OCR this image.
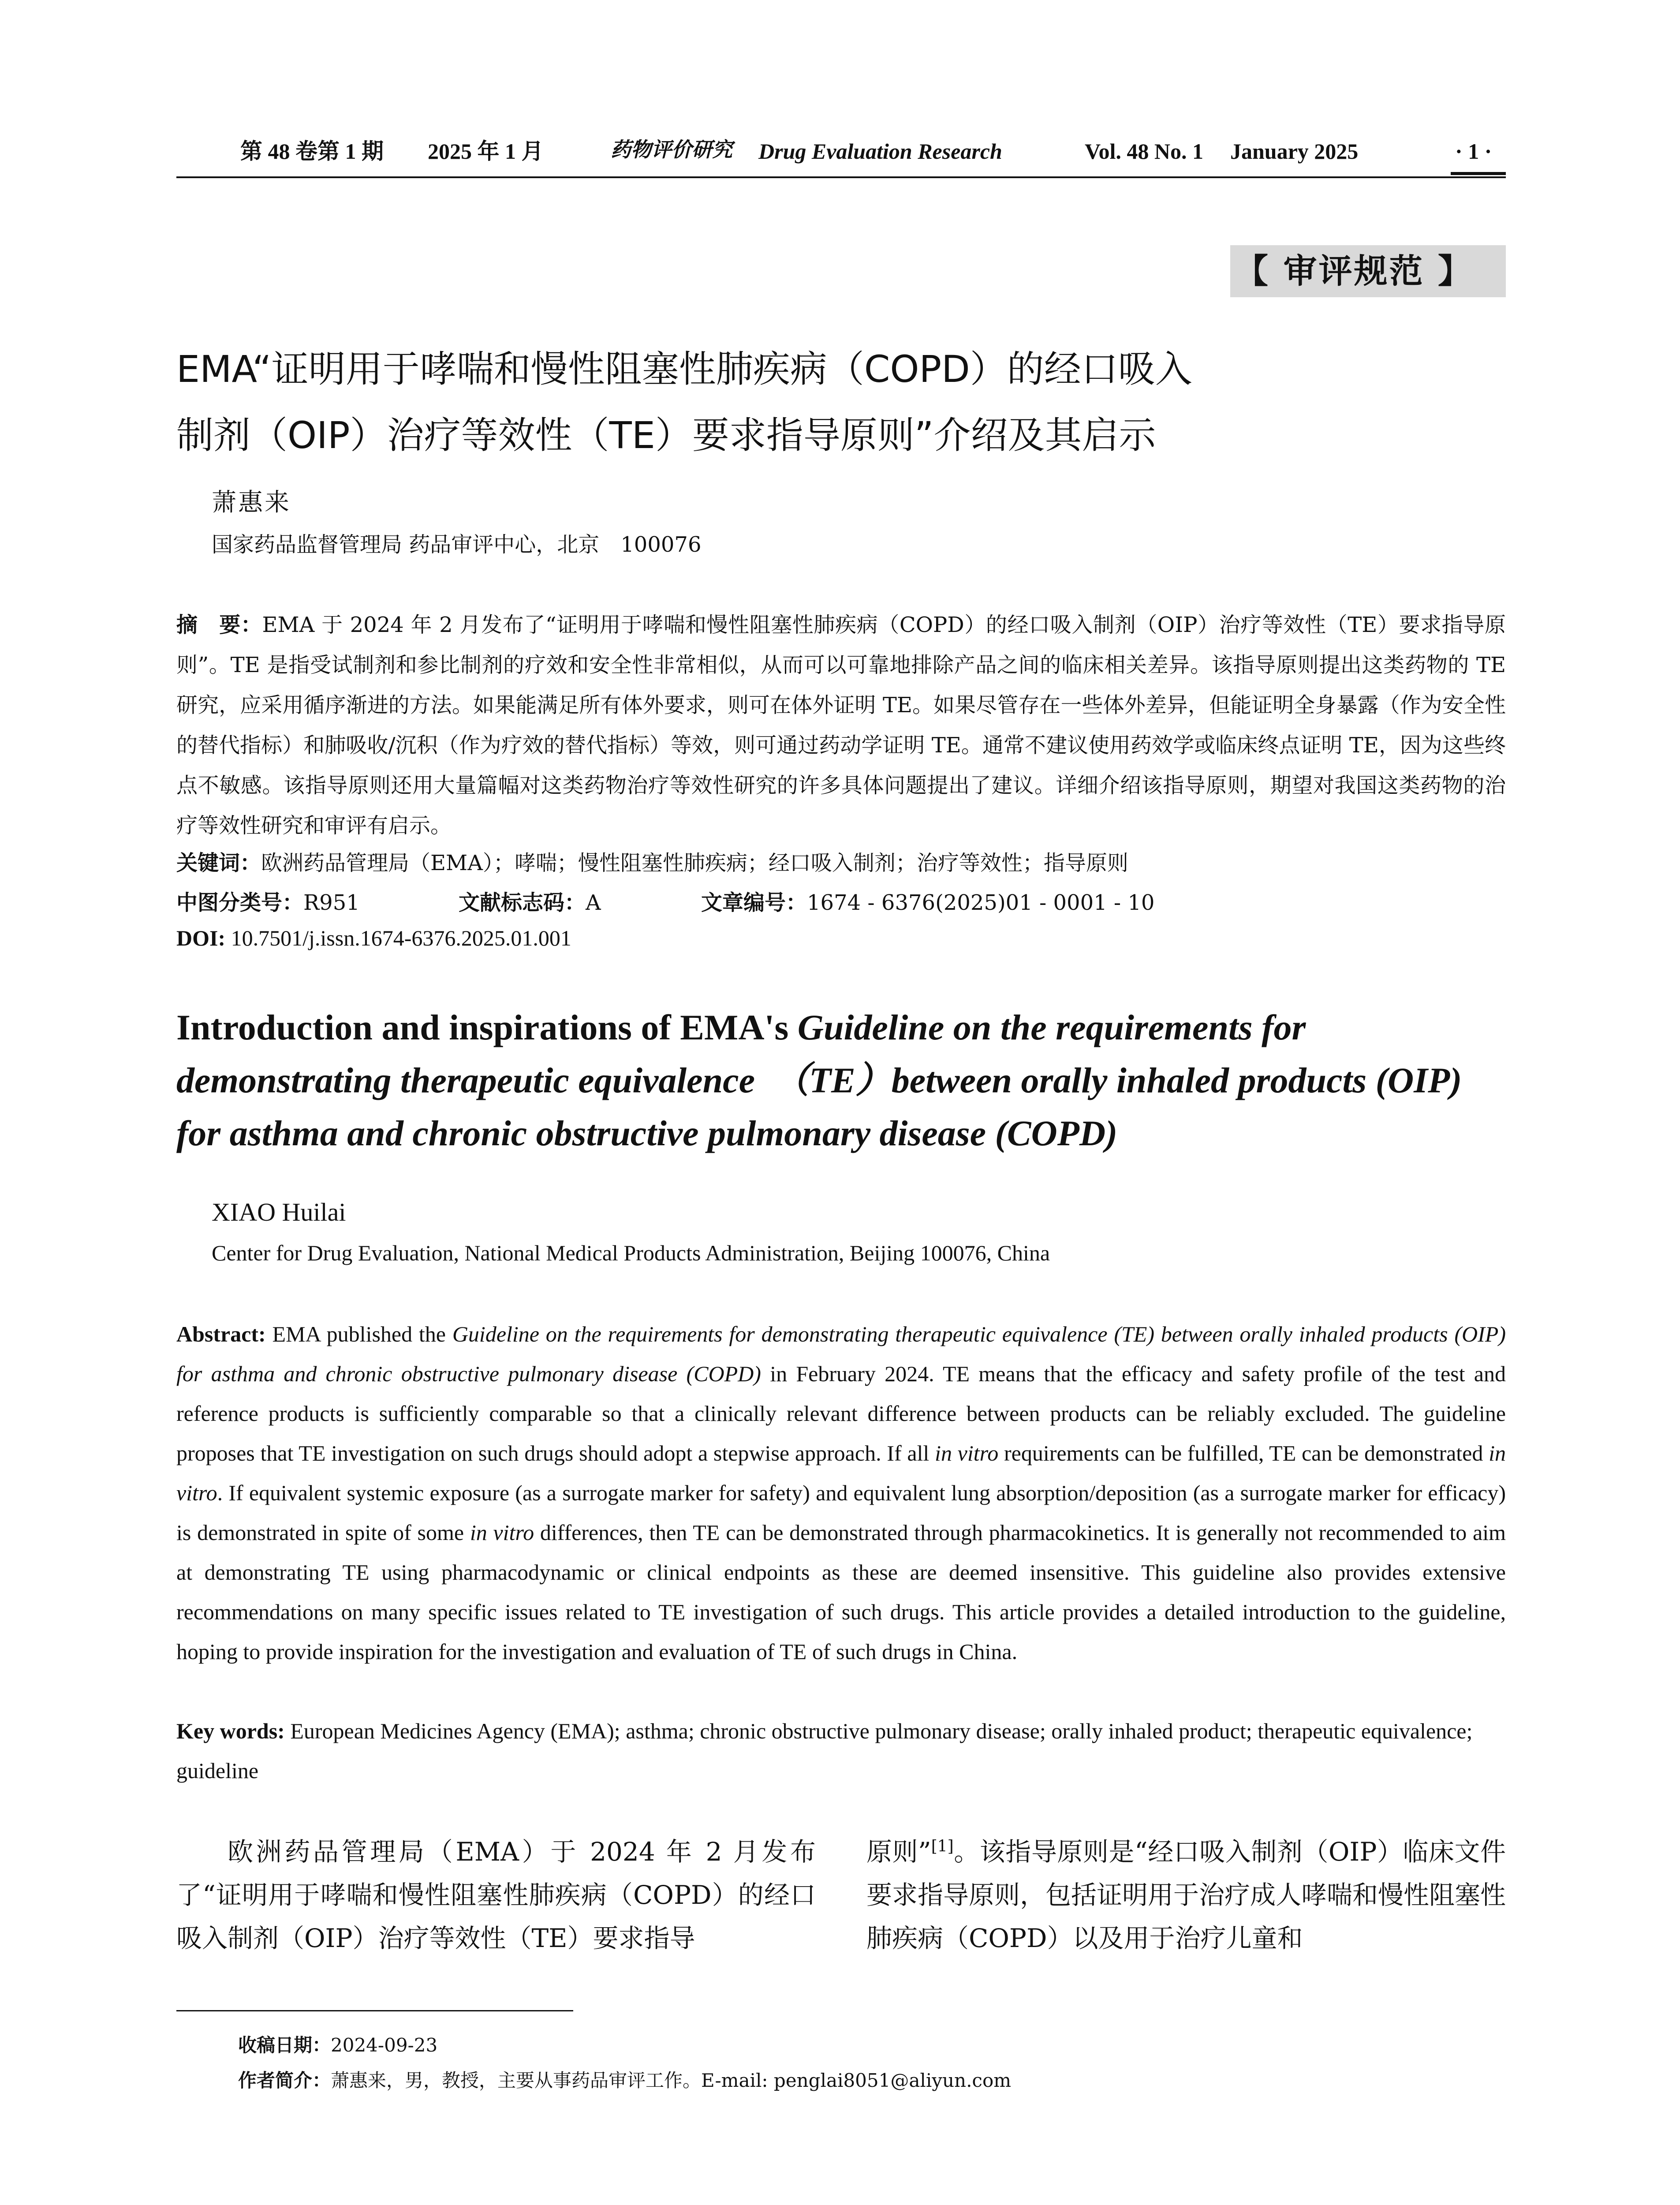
第 48 卷第 1 期 2025 年 1 月	药物评价研究 Drug Evaluation Research	Vol. 48 No. 1 January 2025	· 1 ·
【 审评规范 】
EMA“证明用于哮喘和慢性阻塞性肺疾病（COPD）的经口吸入
制剂（OIP）治疗等效性（TE）要求指导原则”介绍及其启示
萧惠来
国家药品监督管理局 药品审评中心，北京　100076
摘　要：EMA 于 2024 年 2 月发布了“证明用于哮喘和慢性阻塞性肺疾病（COPD）的经口吸入制剂（OIP）治疗等效性（TE）要求指导原则”。TE 是指受试制剂和参比制剂的疗效和安全性非常相似，从而可以可靠地排除产品之间的临床相关差异。该指导原则提出这类药物的 TE 研究，应采用循序渐进的方法。如果能满足所有体外要求，则可在体外证明 TE。如果尽管存在一些体外差异，但能证明全身暴露（作为安全性的替代指标）和肺吸收/沉积（作为疗效的替代指标）等效，则可通过药动学证明 TE。通常不建议使用药效学或临床终点证明 TE，因为这些终点不敏感。该指导原则还用大量篇幅对这类药物治疗等效性研究的许多具体问题提出了建议。详细介绍该指导原则，期望对我国这类药物的治疗等效性研究和审评有启示。
关键词：欧洲药品管理局（EMA）；哮喘；慢性阻塞性肺疾病；经口吸入制剂；治疗等效性；指导原则
中图分类号：R951	文献标志码：A	文章编号：1674 - 6376(2025)01 - 0001 - 10
DOI: 10.7501/j.issn.1674-6376.2025.01.001
Introduction and inspirations of EMA's Guideline on the requirements for demonstrating therapeutic equivalence　（TE）between orally inhaled products (OIP) for asthma and chronic obstructive pulmonary disease (COPD)
XIAO Huilai
Center for Drug Evaluation, National Medical Products Administration, Beijing 100076, China
Abstract: EMA published the Guideline on the requirements for demonstrating therapeutic equivalence (TE) between orally inhaled products (OIP) for asthma and chronic obstructive pulmonary disease (COPD) in February 2024. TE means that the efficacy and safety profile of the test and reference products is sufficiently comparable so that a clinically relevant difference between products can be reliably excluded. The guideline proposes that TE investigation on such drugs should adopt a stepwise approach. If all in vitro requirements can be fulfilled, TE can be demonstrated in vitro. If equivalent systemic exposure (as a surrogate marker for safety) and equivalent lung absorption/deposition (as a surrogate marker for efficacy) is demonstrated in spite of some in vitro differences, then TE can be demonstrated through pharmacokinetics. It is generally not recommended to aim at demonstrating TE using pharmacodynamic or clinical endpoints as these are deemed insensitive. This guideline also provides extensive recommendations on many specific issues related to TE investigation of such drugs. This article provides a detailed introduction to the guideline, hoping to provide inspiration for the investigation and evaluation of TE of such drugs in China.
Key words: European Medicines Agency (EMA); asthma; chronic obstructive pulmonary disease; orally inhaled product; therapeutic equivalence; guideline
欧洲药品管理局（EMA）于 2024 年 2 月发布了“证明用于哮喘和慢性阻塞性肺疾病（COPD）的经口吸入制剂（OIP）治疗等效性（TE）要求指导
原则”[1]。该指导原则是“经口吸入制剂（OIP）临床文件要求指导原则，包括证明用于治疗成人哮喘和慢性阻塞性肺疾病（COPD）以及用于治疗儿童和
收稿日期：2024-09-23
作者简介：萧惠来，男，教授，主要从事药品审评工作。E-mail: penglai8051@aliyun.com
